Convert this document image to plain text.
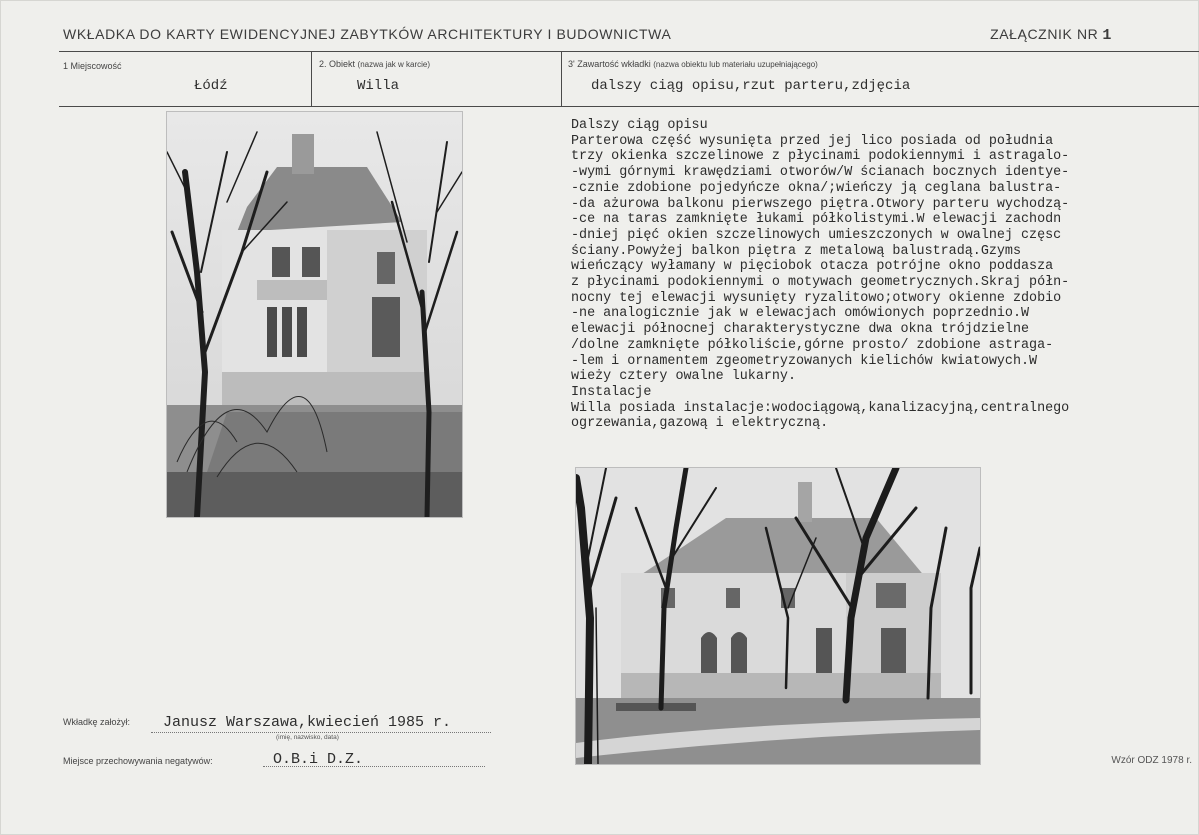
WKŁADKA DO KARTY EWIDENCYJNEJ ZABYTKÓW ARCHITEKTURY I BUDOWNICTWA	ZAŁĄCZNIK NR 1
1 Miejscowość
Łódź
2. Obiekt (nazwa jak w karcie)
Willa
3' Zawartość wkładki (nazwa obiektu lub materiału uzupełniającego)
dalszy ciąg opisu,rzut parteru,zdjęcia
Dalszy ciąg opisu
Parterowa część wysunięta przed jej lico posiada od południa
trzy okienka szczelinowe z płycinami podokiennymi i astragalo-
-wymi górnymi krawędziami otworów/W ścianach bocznych identye-
-cznie zdobione pojedyńcze okna/;wieńczy ją ceglana balustra-
-da ażurowa balkonu pierwszego piętra.Otwory parteru wychodzą-
-ce na taras zamknięte łukami półkolistymi.W elewacji zachodn
-dniej pięć okien szczelinowych umieszczonych w owalnej częsc
ściany.Powyżej balkon piętra z metalową balustradą.Gzyms
wieńczący wyłamany w pięciobok otacza potrójne okno poddasza
z płycinami podokiennymi o motywach geometrycznych.Skraj półn-
nocny tej elewacji wysunięty ryzalitowo;otwory okienne zdobio
-ne analogicznie jak w elewacjach omówionych poprzednio.W
elewacji północnej charakterystyczne dwa okna trójdzielne
/dolne zamknięte półkoliście,górne prosto/ zdobione astraga-
-lem i ornamentem zgeometryzowanych kielichów kwiatowych.W
wieży cztery owalne lukarny.
Instalacje
Willa posiada instalacje:wodociągową,kanalizacyjną,centralnego
ogrzewania,gazową i elektryczną.
Wkładkę założył: Janusz Warszawa,kwiecień 1985 r.
(imię, nazwisko, data)
Miejsce przechowywania negatywów:	O.B.i D.Z.	Wzór ODZ 1978 r.
